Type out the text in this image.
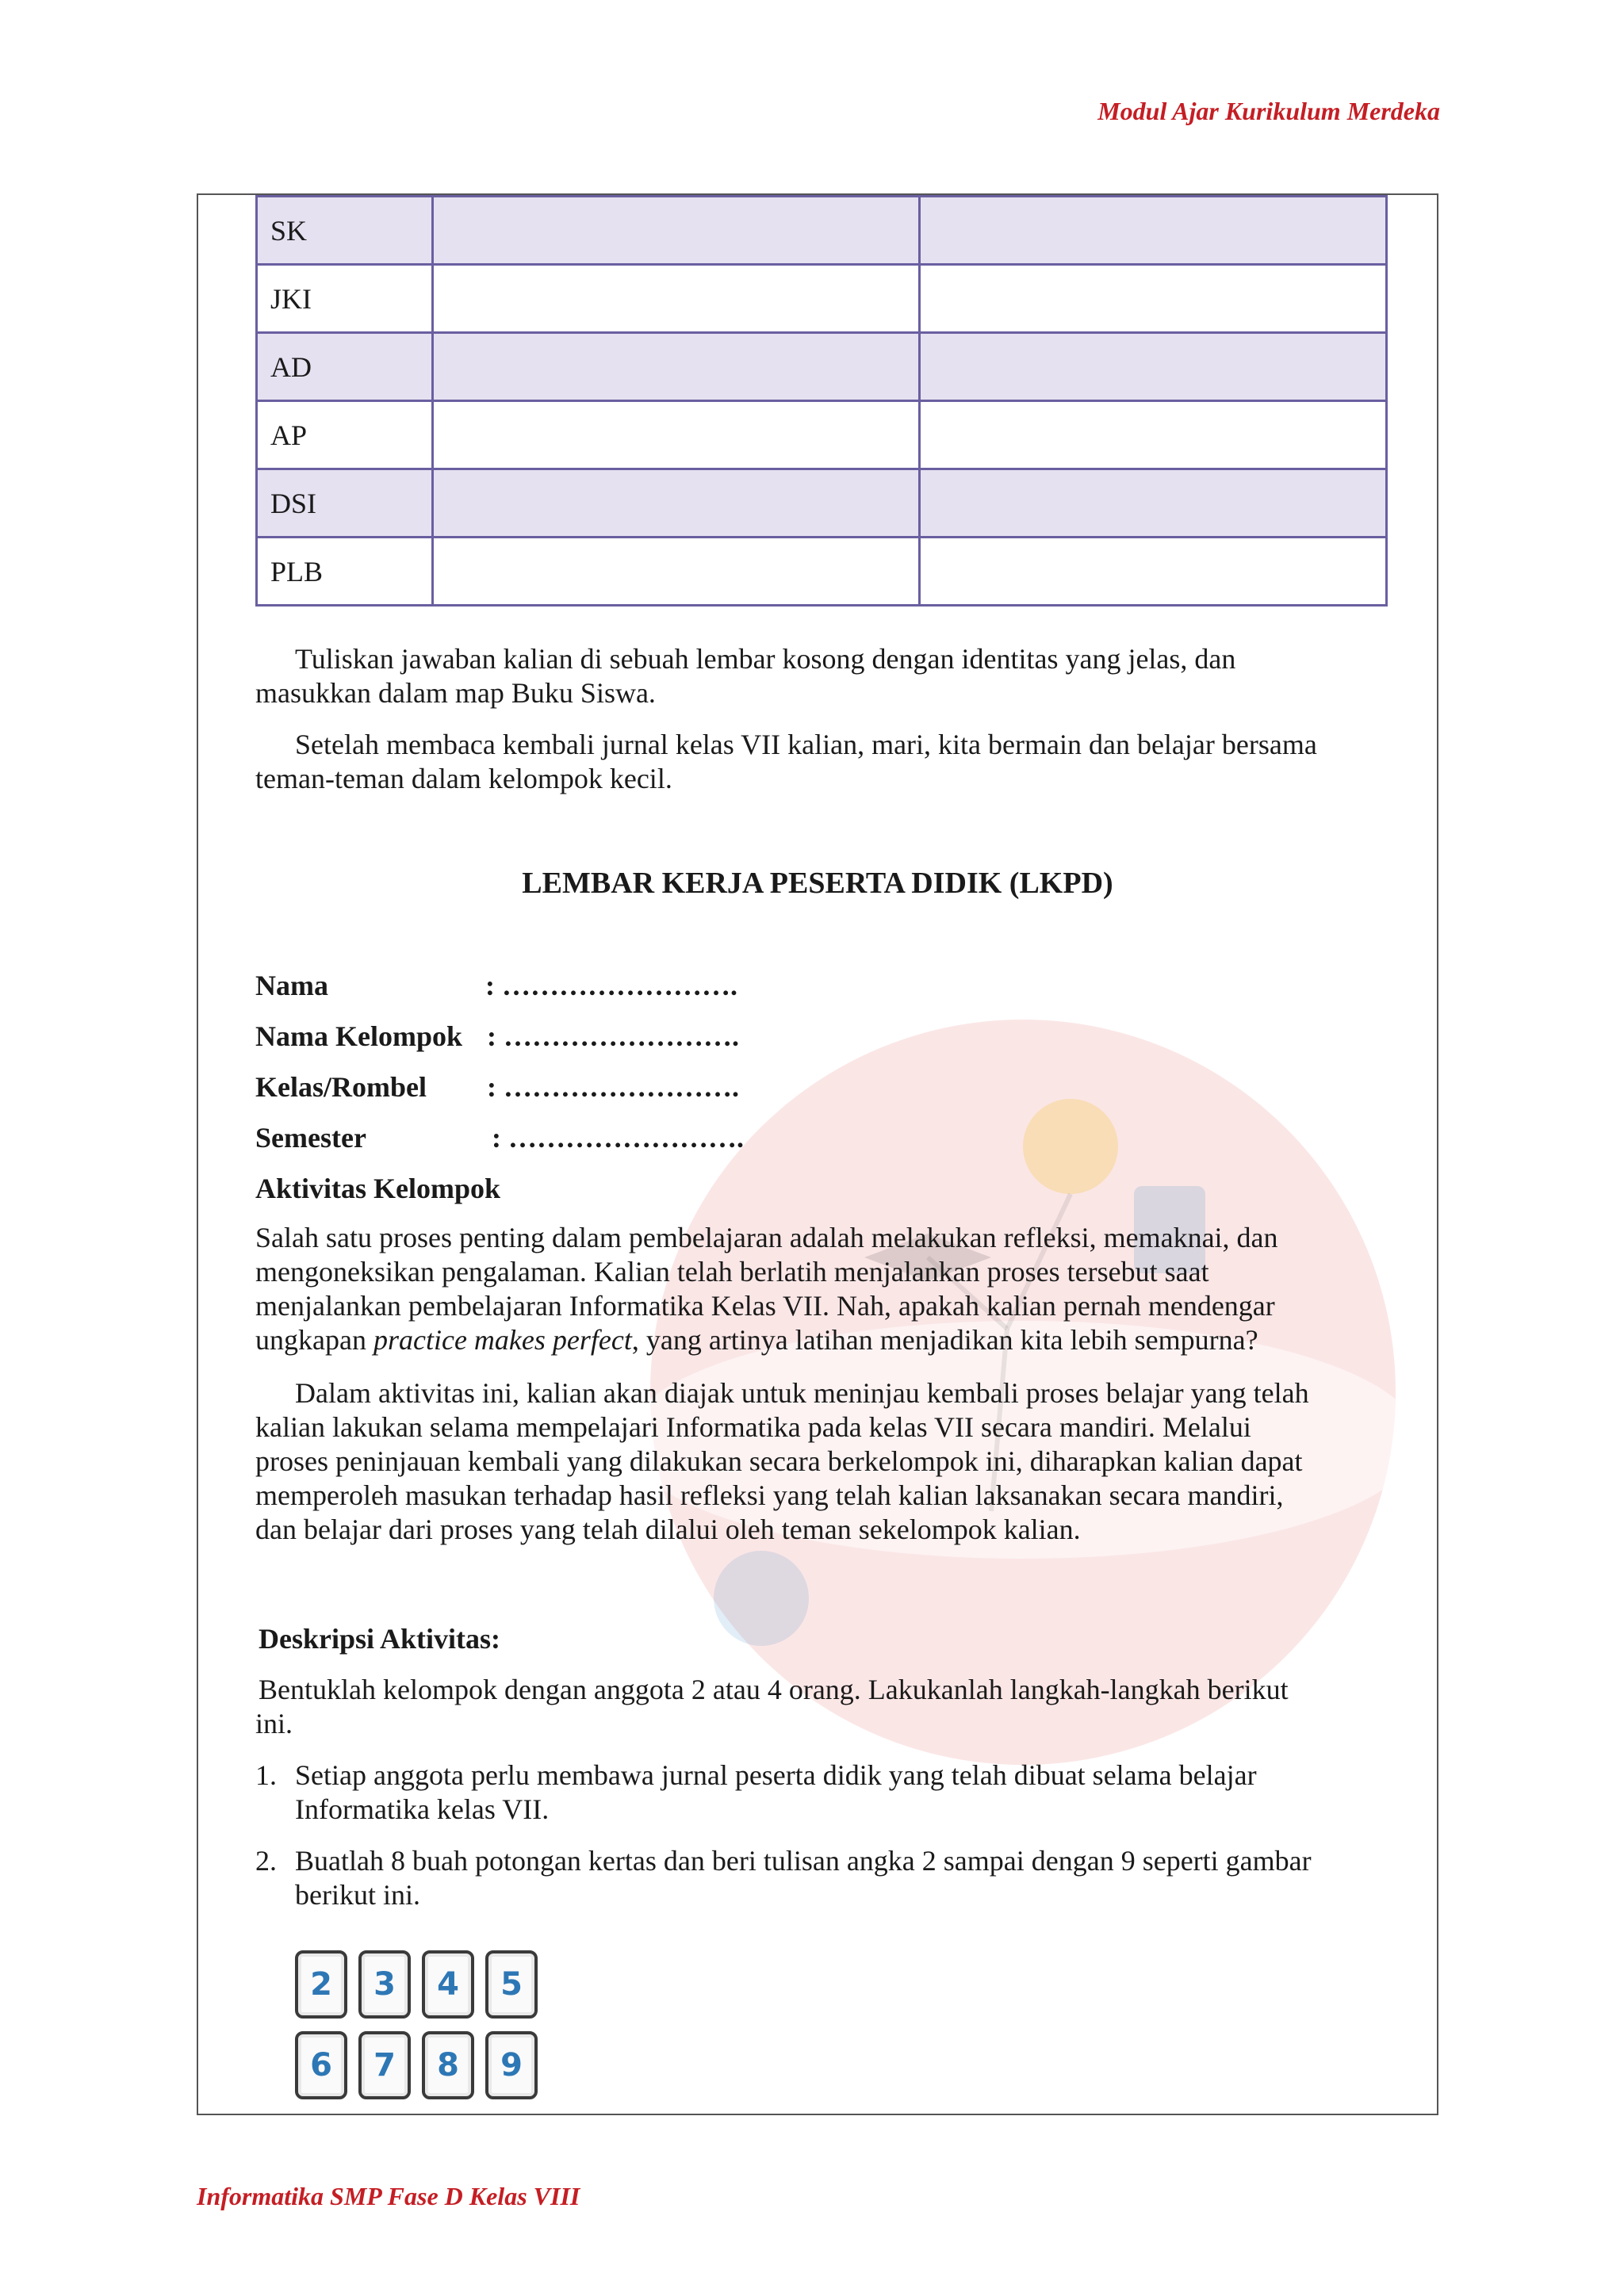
Modul Ajar Kurikulum Merdeka
SK		
JKI		
AD		
AP		
DSI		
PLB		

Tuliskan jawaban kalian di sebuah lembar kosong dengan identitas yang jelas, dan

masukkan dalam map Buku Siswa.

Setelah membaca kembali jurnal kelas VII kalian, mari, kita bermain dan belajar bersama

teman-teman dalam kelompok kecil.

LEMBAR KERJA PESERTA DIDIK (LKPD)
Nama	: …………………….
Nama Kelompok : …………………….
Kelas/Rombel : …………………….
Semester	: …………………….
Aktivitas Kelompok

Salah satu proses penting dalam pembelajaran adalah melakukan refleksi, memaknai, dan

mengoneksikan pengalaman. Kalian telah berlatih menjalankan proses tersebut saat

menjalankan pembelajaran Informatika Kelas VII. Nah, apakah kalian pernah mendengar

ungkapan practice makes perfect, yang artinya latihan menjadikan kita lebih sempurna?

Dalam aktivitas ini, kalian akan diajak untuk meninjau kembali proses belajar yang telah

kalian lakukan selama mempelajari Informatika pada kelas VII secara mandiri. Melalui

proses peninjauan kembali yang dilakukan secara berkelompok ini, diharapkan kalian dapat

memperoleh masukan terhadap hasil refleksi yang telah kalian laksanakan secara mandiri,

dan belajar dari proses yang telah dilalui oleh teman sekelompok kalian.

Deskripsi Aktivitas:

Bentuklah kelompok dengan anggota 2 atau 4 orang. Lakukanlah langkah-langkah berikut

ini.

1. Setiap anggota perlu membawa jurnal peserta didik yang telah dibuat selama belajar
Informatika kelas VII.
2. Buatlah 8 buah potongan kertas dan beri tulisan angka 2 sampai dengan 9 seperti gambar
berikut ini.
2	3	4	5
6	7	8	9
Informatika SMP Fase D Kelas VIII
